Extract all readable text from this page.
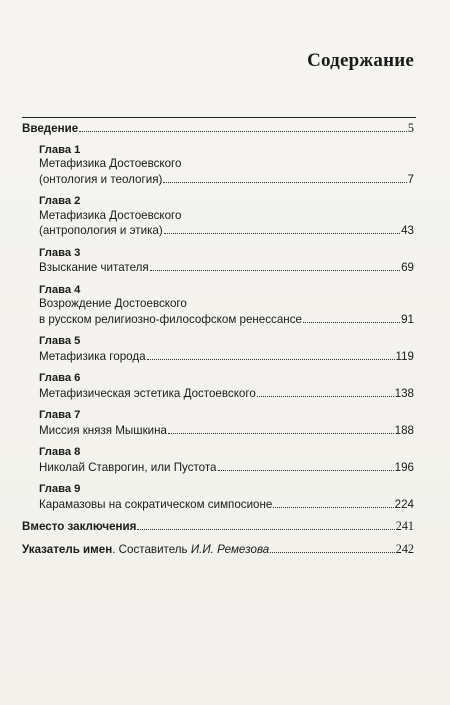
Содержание
Введение	5
Глава 1
Метафизика Достоевского
(онтология и теология)	7
Глава 2
Метафизика Достоевского
(антропология и этика)	43
Глава 3
Взыскание читателя	69
Глава 4
Возрождение Достоевского
в русском религиозно-философском ренессансе	91
Глава 5
Метафизика города	119
Глава 6
Метафизическая эстетика Достоевского	138
Глава 7
Миссия князя Мышкина	188
Глава 8
Николай Ставрогин, или Пустота	196
Глава 9
Карамазовы на сократическом симпосионе	224
Вместо заключения	241
Указатель имен. Составитель И.И. Ремезова	242
